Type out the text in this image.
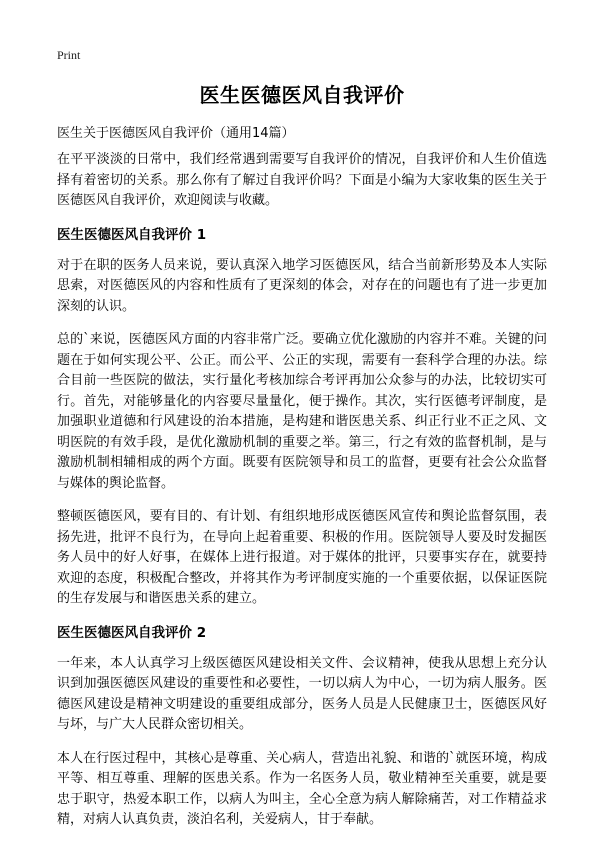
Print
医生医德医风自我评价

医生关于医德医风自我评价（通用14篇）

在平平淡淡的日常中，我们经常遇到需要写自我评价的情况，自我评价和人生价值选择有着密切的关系。那么你有了解过自我评价吗？下面是小编为大家收集的医生关于医德医风自我评价，欢迎阅读与收藏。

医生医德医风自我评价 1

对于在职的医务人员来说，要认真深入地学习医德医风，结合当前新形势及本人实际思索，对医德医风的内容和性质有了更深刻的体会，对存在的问题也有了进一步更加深刻的认识。

总的`来说，医德医风方面的内容非常广泛。要确立优化激励的内容并不难。关键的问题在于如何实现公平、公正。而公平、公正的实现，需要有一套科学合理的办法。综合目前一些医院的做法，实行量化考核加综合考评再加公众参与的办法，比较切实可行。首先，对能够量化的内容要尽量量化，便于操作。其次，实行医德考评制度，是加强职业道德和行风建设的治本措施，是构建和谐医患关系、纠正行业不正之风、文明医院的有效手段，是优化激励机制的重要之举。第三，行之有效的监督机制，是与激励机制相辅相成的两个方面。既要有医院领导和员工的监督，更要有社会公众监督与媒体的舆论监督。

整顿医德医风，要有目的、有计划、有组织地形成医德医风宣传和舆论监督氛围，表扬先进，批评不良行为，在导向上起着重要、积极的作用。医院领导人要及时发掘医务人员中的好人好事，在媒体上进行报道。对于媒体的批评，只要事实存在，就要持欢迎的态度，积极配合整改，并将其作为考评制度实施的一个重要依据，以保证医院的生存发展与和谐医患关系的建立。

医生医德医风自我评价 2

一年来，本人认真学习上级医德医风建设相关文件、会议精神，使我从思想上充分认识到加强医德医风建设的重要性和必要性，一切以病人为中心，一切为病人服务。医德医风建设是精神文明建设的重要组成部分，医务人员是人民健康卫士，医德医风好与坏，与广大人民群众密切相关。

本人在行医过程中，其核心是尊重、关心病人，营造出礼貌、和谐的`就医环境，构成平等、相互尊重、理解的医患关系。作为一名医务人员，敬业精神至关重要，就是要忠于职守，热爱本职工作，以病人为叫主，全心全意为病人解除痛苦，对工作精益求精，对病人认真负责，淡泊名利，关爱病人，甘于奉献。
